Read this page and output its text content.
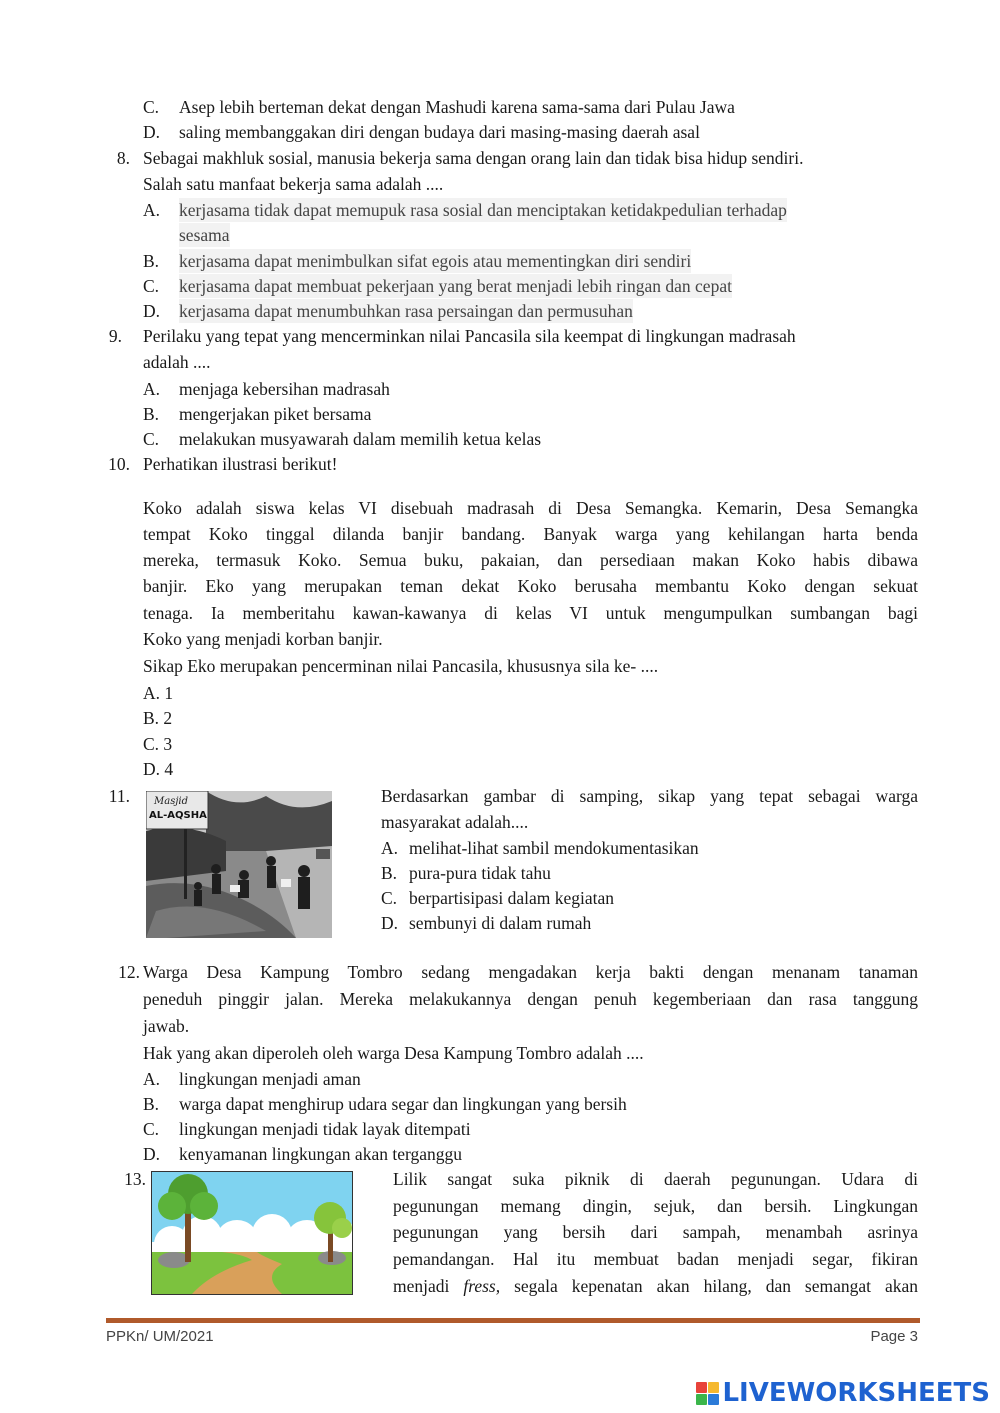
C. Asep lebih berteman dekat dengan Mashudi karena sama-sama dari Pulau Jawa
D. saling membanggakan diri dengan budaya dari masing-masing daerah asal
8. Sebagai makhluk sosial, manusia bekerja sama dengan orang lain dan tidak bisa hidup sendiri.
Salah satu manfaat bekerja sama adalah ....
A. kerjasama tidak dapat memupuk rasa sosial dan menciptakan ketidakpedulian terhadap
sesama
B. kerjasama dapat menimbulkan sifat egois atau mementingkan diri sendiri
C. kerjasama dapat membuat pekerjaan yang berat menjadi lebih ringan dan cepat
D. kerjasama dapat menumbuhkan rasa persaingan dan permusuhan
9. Perilaku yang tepat yang mencerminkan nilai Pancasila sila keempat di lingkungan madrasah
adalah ....
A. menjaga kebersihan madrasah
B. mengerjakan piket bersama
C. melakukan musyawarah dalam memilih ketua kelas
10. Perhatikan ilustrasi berikut!
Koko adalah siswa kelas VI disebuah madrasah di Desa Semangka. Kemarin, Desa Semangka
tempat Koko tinggal dilanda banjir bandang. Banyak warga yang kehilangan harta benda
mereka, termasuk Koko. Semua buku, pakaian, dan persediaan makan Koko habis dibawa
banjir. Eko yang merupakan teman dekat Koko berusaha membantu Koko dengan sekuat
tenaga. Ia memberitahu kawan-kawanya di kelas VI untuk mengumpulkan sumbangan bagi
Koko yang menjadi korban banjir.
Sikap Eko merupakan pencerminan nilai Pancasila, khususnya sila ke- ....
A. 1
B. 2
C. 3
D. 4
11. Masjid
AL-AQSHA
Berdasarkan gambar di samping, sikap yang tepat sebagai warga
masyarakat adalah....
A. melihat-lihat sambil mendokumentasikan
B. pura-pura tidak tahu
C. berpartisipasi dalam kegiatan
D. sembunyi di dalam rumah
12. Warga Desa Kampung Tombro sedang mengadakan kerja bakti dengan menanam tanaman
peneduh pinggir jalan. Mereka melakukannya dengan penuh kegemberiaan dan rasa tanggung
jawab.
Hak yang akan diperoleh oleh warga Desa Kampung Tombro adalah ....
A. lingkungan menjadi aman
B. warga dapat menghirup udara segar dan lingkungan yang bersih
C. lingkungan menjadi tidak layak ditempati
D. kenyamanan lingkungan akan terganggu
13.	Lilik sangat suka piknik di daerah pegunungan. Udara di
pegunungan memang dingin, sejuk, dan bersih. Lingkungan
pegunungan yang bersih dari sampah, menambah asrinya
pemandangan. Hal itu membuat badan menjadi segar, fikiran
menjadi fress, segala kepenatan akan hilang, dan semangat akan
PPKn/ UM/2021	Page 3
LIVEWORKSHEETS
